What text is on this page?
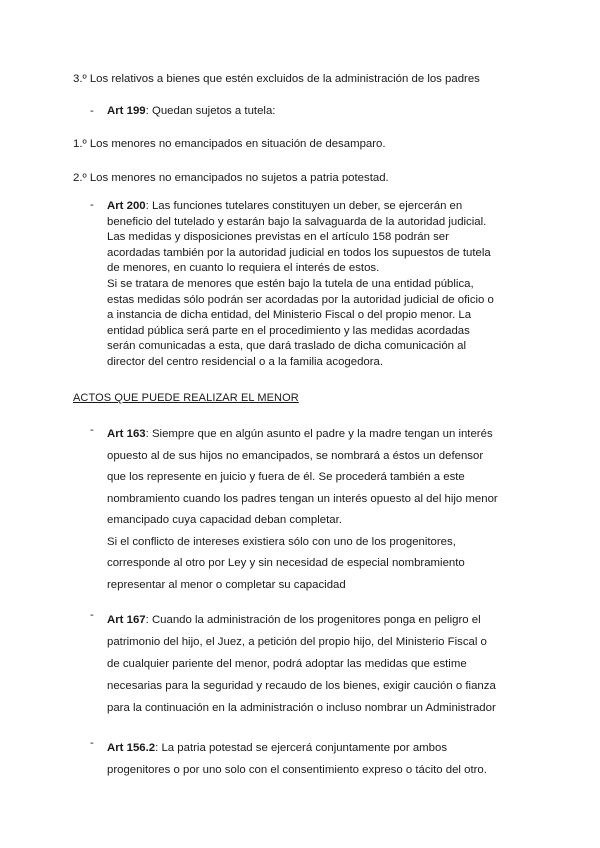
3.º Los relativos a bienes que estén excluidos de la administración de los padres
- Art 199: Quedan sujetos a tutela:

1.º Los menores no emancipados en situación de desamparo.
2.º Los menores no emancipados no sujetos a patria potestad.
- Art 200: Las funciones tutelares constituyen un deber, se ejercerán en

beneficio del tutelado y estarán bajo la salvaguarda de la autoridad judicial.

Las medidas y disposiciones previstas en el artículo 158 podrán ser

acordadas también por la autoridad judicial en todos los supuestos de tutela

de menores, en cuanto lo requiera el interés de estos.

Si se tratara de menores que estén bajo la tutela de una entidad pública,

estas medidas sólo podrán ser acordadas por la autoridad judicial de oficio o

a instancia de dicha entidad, del Ministerio Fiscal o del propio menor. La

entidad pública será parte en el procedimiento y las medidas acordadas

serán comunicadas a esta, que dará traslado de dicha comunicación al

director del centro residencial o a la familia acogedora.

ACTOS QUE PUEDE REALIZAR EL MENOR
- Art 163: Siempre que en algún asunto el padre y la madre tengan un interés

opuesto al de sus hijos no emancipados, se nombrará a éstos un defensor

que los represente en juicio y fuera de él. Se procederá también a este

nombramiento cuando los padres tengan un interés opuesto al del hijo menor

emancipado cuya capacidad deban completar.

Si el conflicto de intereses existiera sólo con uno de los progenitores,

corresponde al otro por Ley y sin necesidad de especial nombramiento

representar al menor o completar su capacidad

- Art 167: Cuando la administración de los progenitores ponga en peligro el

patrimonio del hijo, el Juez, a petición del propio hijo, del Ministerio Fiscal o

de cualquier pariente del menor, podrá adoptar las medidas que estime

necesarias para la seguridad y recaudo de los bienes, exigir caución o fianza

para la continuación en la administración o incluso nombrar un Administrador

- Art 156.2: La patria potestad se ejercerá conjuntamente por ambos

progenitores o por uno solo con el consentimiento expreso o tácito del otro.
